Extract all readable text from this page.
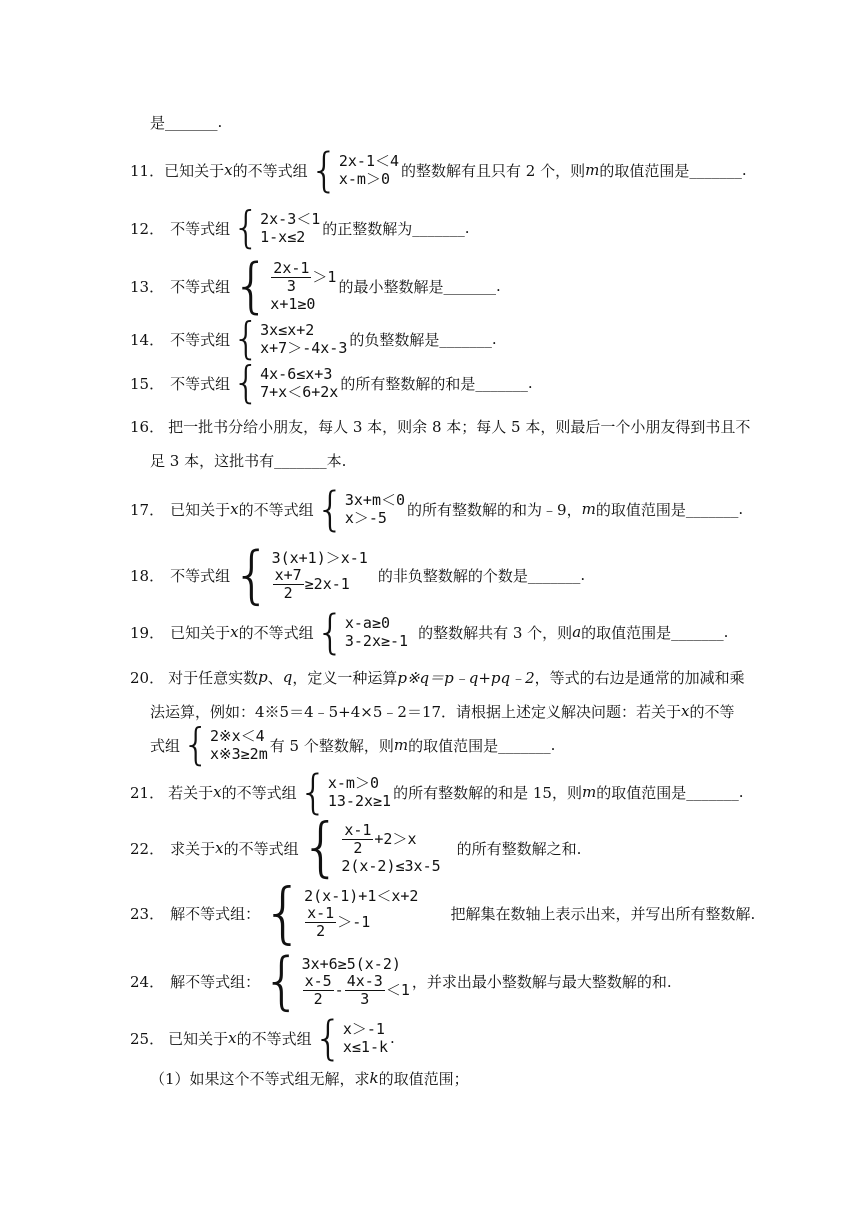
是 _______ .
11． 已知关于 x 的不等式组 { 2x-1＜4
x-m＞0 的整数解有且只有 2 个，则 m 的取值范围是 _______ .
12． 不等式组 { 2x-3＜1
1-x≤2	的正整数解为 _______ .
13． 不等式组 { $\frac{2x-1}{3} >1$
x+1≥0
的最小整数解是 _______ .
14． 不等式组 { 3x≤x+2
x+7＞-4x-3 的负整数解是 _______ .
15． 不等式组 { 4x-6≤x+3
7+x＜6+2x 的所有整数解的和是 _______ .
16． 把一批书分给小朋友，每人 3 本，则余 8 本；每人 5 本，则最后一个小朋友得到书且不
足 3 本，这批书有 _______ 本.
17． 已知关于 x 的不等式组 { 3x+m＜0
x＞-5	的所有整数解的和为﹣9， m 的取值范围是 _______ .
18． 不等式组 { 3(x+1)＞x-1
$\frac{x+7}{2} \ge 2x-1$ 的非负整数解的个数是 _______ .
19． 已知关于 x 的不等式组 { x-a≥0
3-2x≥-1 的整数解共有 3 个，则 a 的取值范围是 _______ .
20． 对于任意实数 p 、 q ，定义一种运算 p※q＝p﹣q+pq﹣2 ，等式的右边是通常的加减和乘
法运算，例如：4※5＝4﹣5+4×5﹣2＝17．请根据上述定义解决问题：若关于 x 的不等
式组 { 2※x＜4
x※3≥2m 有 5 个整数解，则 m 的取值范围是 _______ .
21． 若关于 x 的不等式组 { x-m＞0
13-2x≥1 的所有整数解的和是 15，则 m 的取值范围是 _______ .
22． 求关于 x 的不等式组 { $\frac{x-1}{2} +2>x$
2(x-2)≤3x-5
的所有整数解之和.
23． 解不等式组： { 2(x-1)+1＜x+2
$\frac{x-1}{2} >-1$	把解集在数轴上表示出来，并写出所有整数解.
24． 解不等式组： { 3x+6≥5(x-2)
$\frac{x-5}{2} - \frac{4x-3}{3} <1$ ，并求出最小整数解与最大整数解的和.
25． 已知关于 x 的不等式组 { x＞-1
x≤1-k .
（1）如果这个不等式组无解，求 k 的取值范围；
